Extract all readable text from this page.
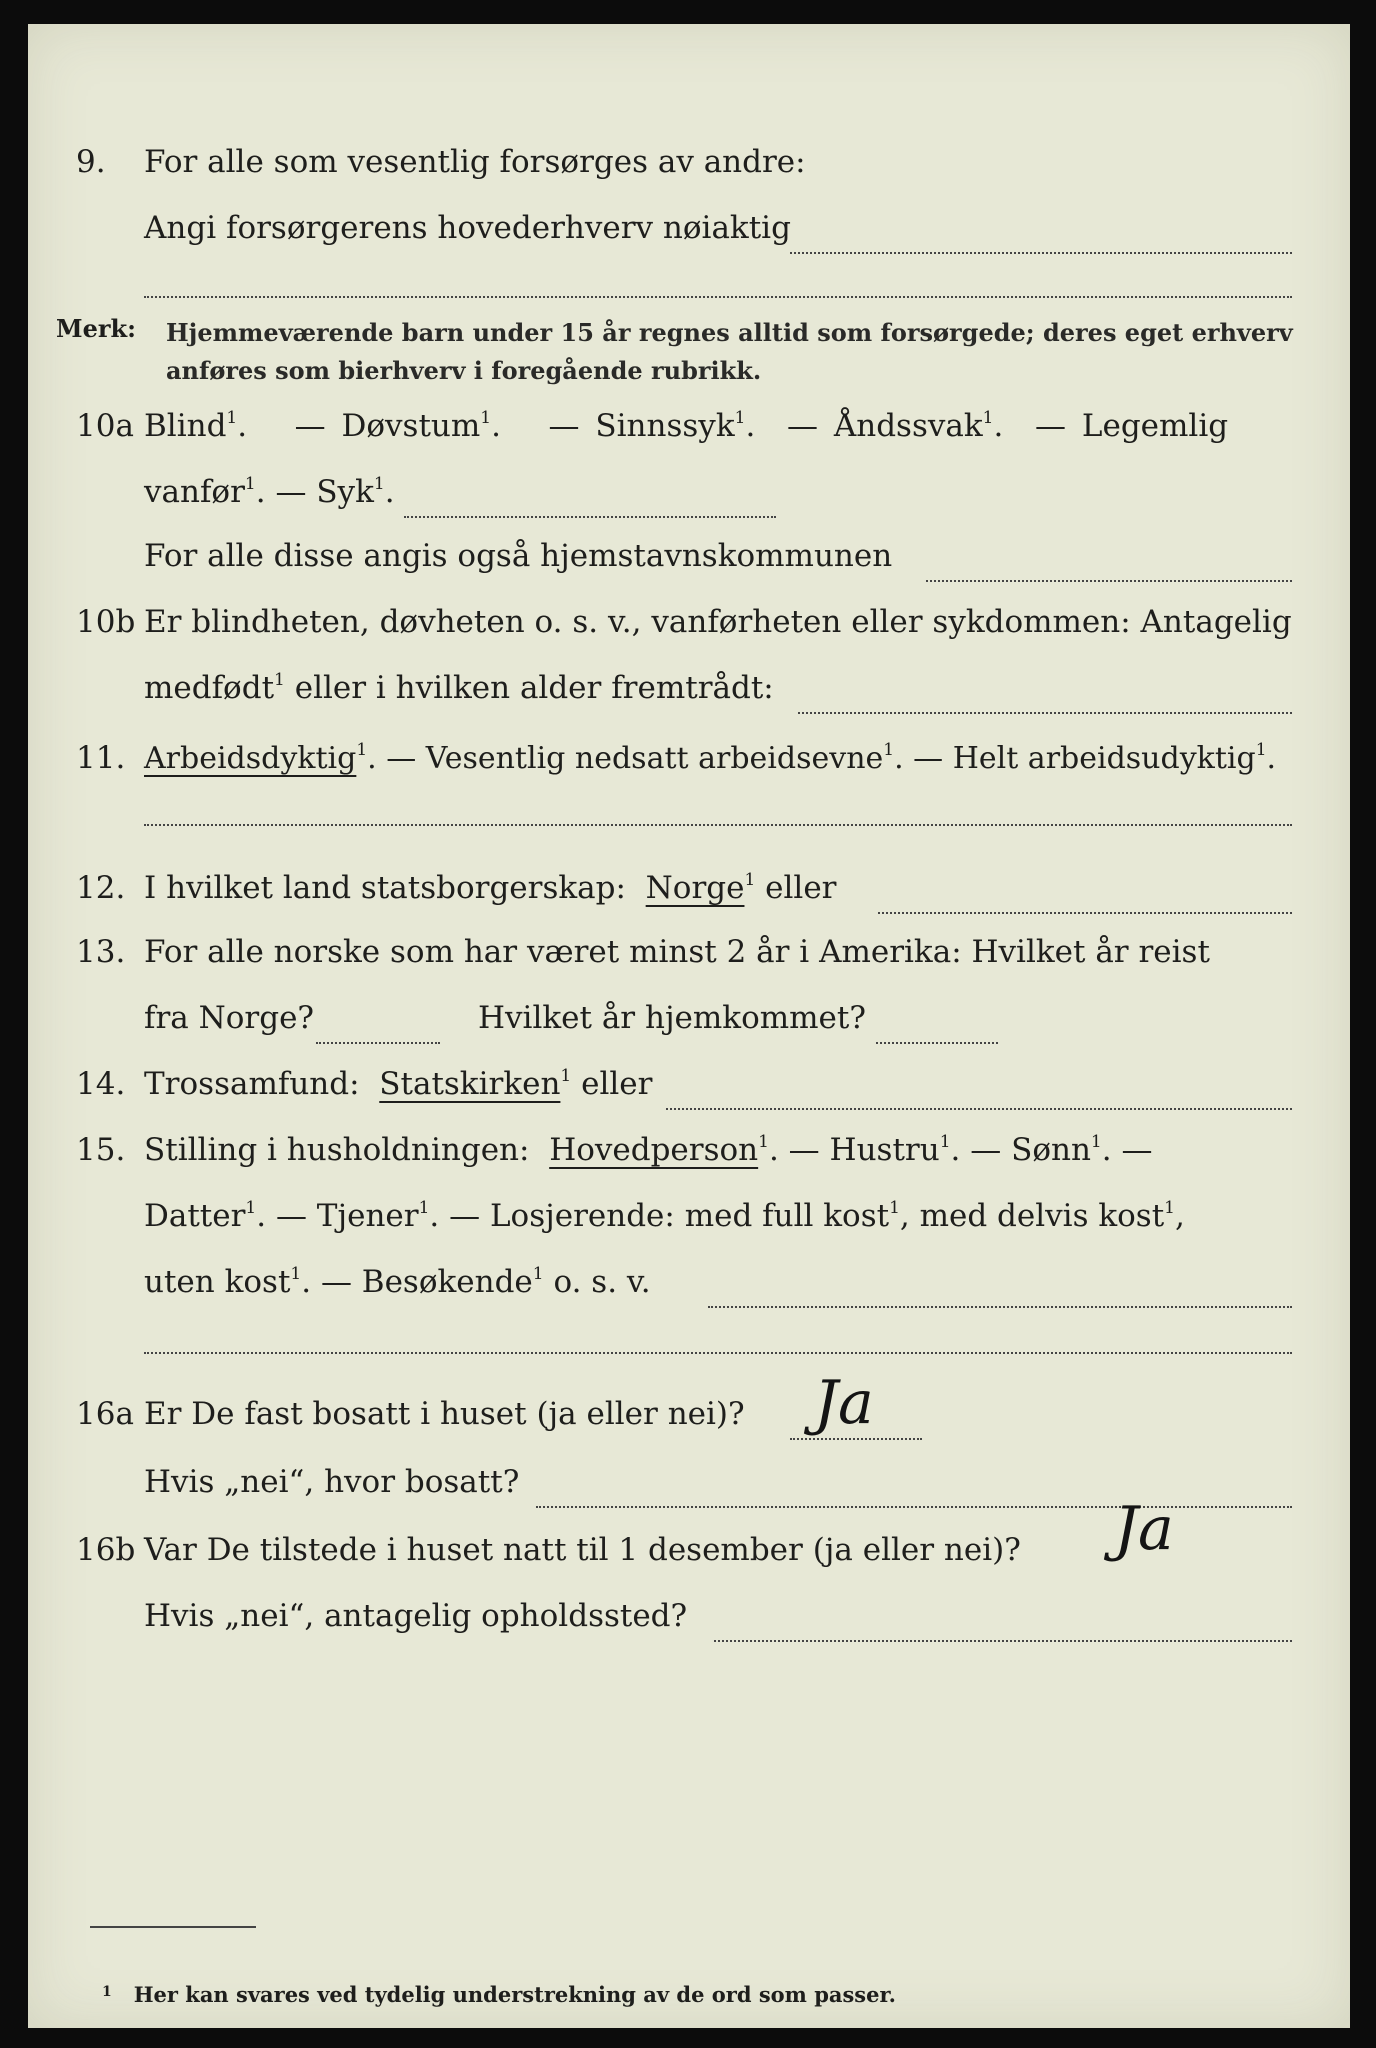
9. For alle som vesentlig forsørges av andre:
Angi forsørgerens hovederhverv nøiaktig
Merk: Hjemmeværende barn under 15 år regnes alltid som forsørgede; deres eget erhverv
anføres som bierhverv i foregående rubrikk.
10a Blind$^1$.   — Døvstum$^1$.   — Sinnssyk$^1$.  — Åndssvak$^1$.  — Legemlig
vanfør$^1$. — Syk$^1$.
For alle disse angis også hjemstavnskommunen
10b Er blindheten, døvheten o. s. v., vanførheten eller sykdommen: Antagelig
medfødt$^1$ eller i hvilken alder fremtrådt:
11. Arbeidsdyktig$^1$. — Vesentlig nedsatt arbeidsevne$^1$. — Helt arbeidsudyktig$^1$.
12. I hvilket land statsborgerskap: Norge$^1$ eller
13. For alle norske som har været minst 2 år i Amerika: Hvilket år reist
fra Norge?	Hvilket år hjemkommet?
14. Trossamfund: Statskirken$^1$ eller
15. Stilling i husholdningen: Hovedperson$^1$. — Hustru$^1$. — Sønn$^1$. —
Datter$^1$. — Tjener$^1$. — Losjerende: med full kost$^1$, med delvis kost$^1$,
uten kost$^1$. — Besøkende$^1$ o. s. v.
16a Er De fast bosatt i huset (ja eller nei)? Ja
Hvis „nei“, hvor bosatt?
16b Var De tilstede i huset natt til 1 desember (ja eller nei)? Ja
Hvis „nei“, antagelig opholdssted?
$^1$ Her kan svares ved tydelig understrekning av de ord som passer.
